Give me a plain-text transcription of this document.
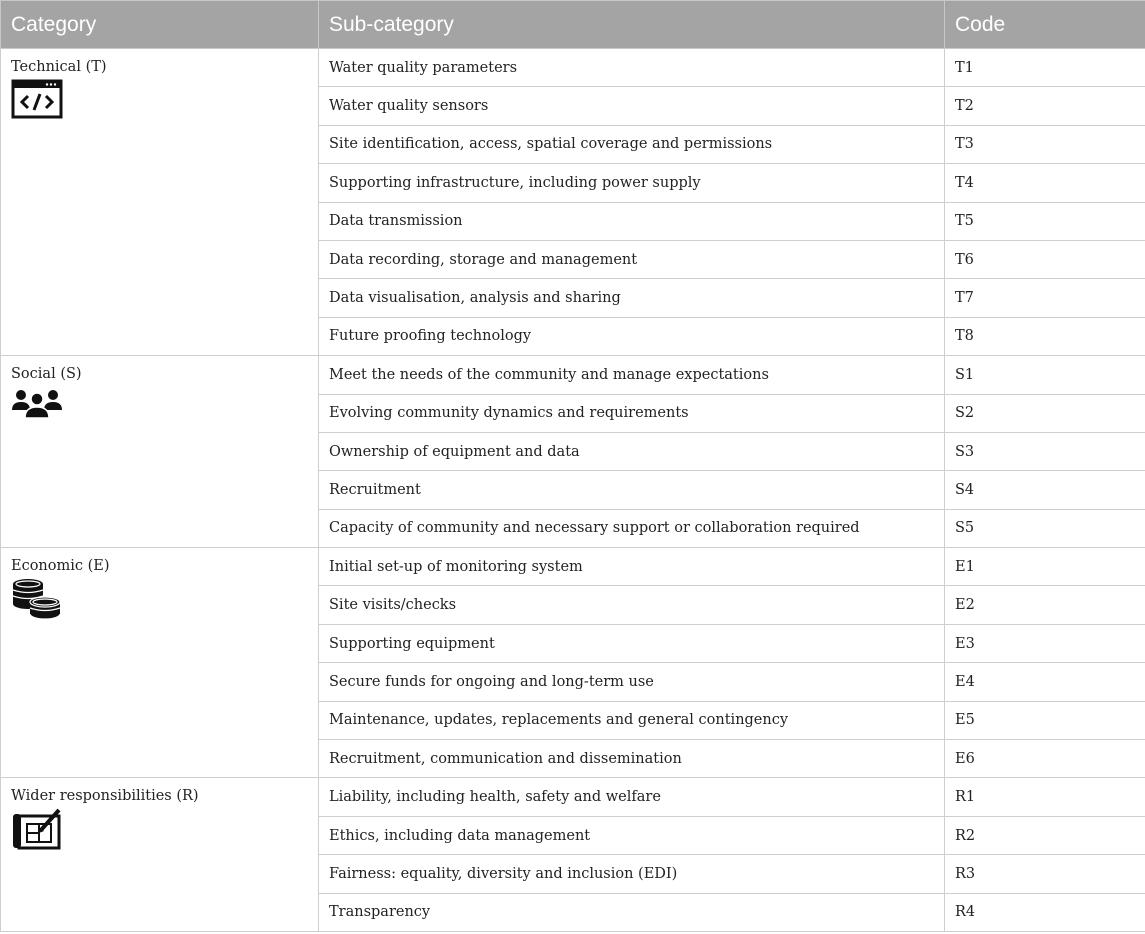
Category	Sub-category	Code

Technical (T)	Water quality parameters	T1
	Water quality sensors	T2
	Site identification, access, spatial coverage and permissions	T3
	Supporting infrastructure, including power supply	T4
	Data transmission	T5
	Data recording, storage and management	T6
	Data visualisation, analysis and sharing	T7
	Future proofing technology	T8

Social (S)	Meet the needs of the community and manage expectations	S1
	Evolving community dynamics and requirements	S2
	Ownership of equipment and data	S3
	Recruitment	S4
	Capacity of community and necessary support or collaboration required	S5

Economic (E)	Initial set-up of monitoring system	E1
	Site visits/checks	E2
	Supporting equipment	E3
	Secure funds for ongoing and long-term use	E4
	Maintenance, updates, replacements and general contingency	E5
	Recruitment, communication and dissemination	E6

Wider responsibilities (R)	Liability, including health, safety and welfare	R1
	Ethics, including data management	R2
	Fairness: equality, diversity and inclusion (EDI)	R3
	Transparency	R4
